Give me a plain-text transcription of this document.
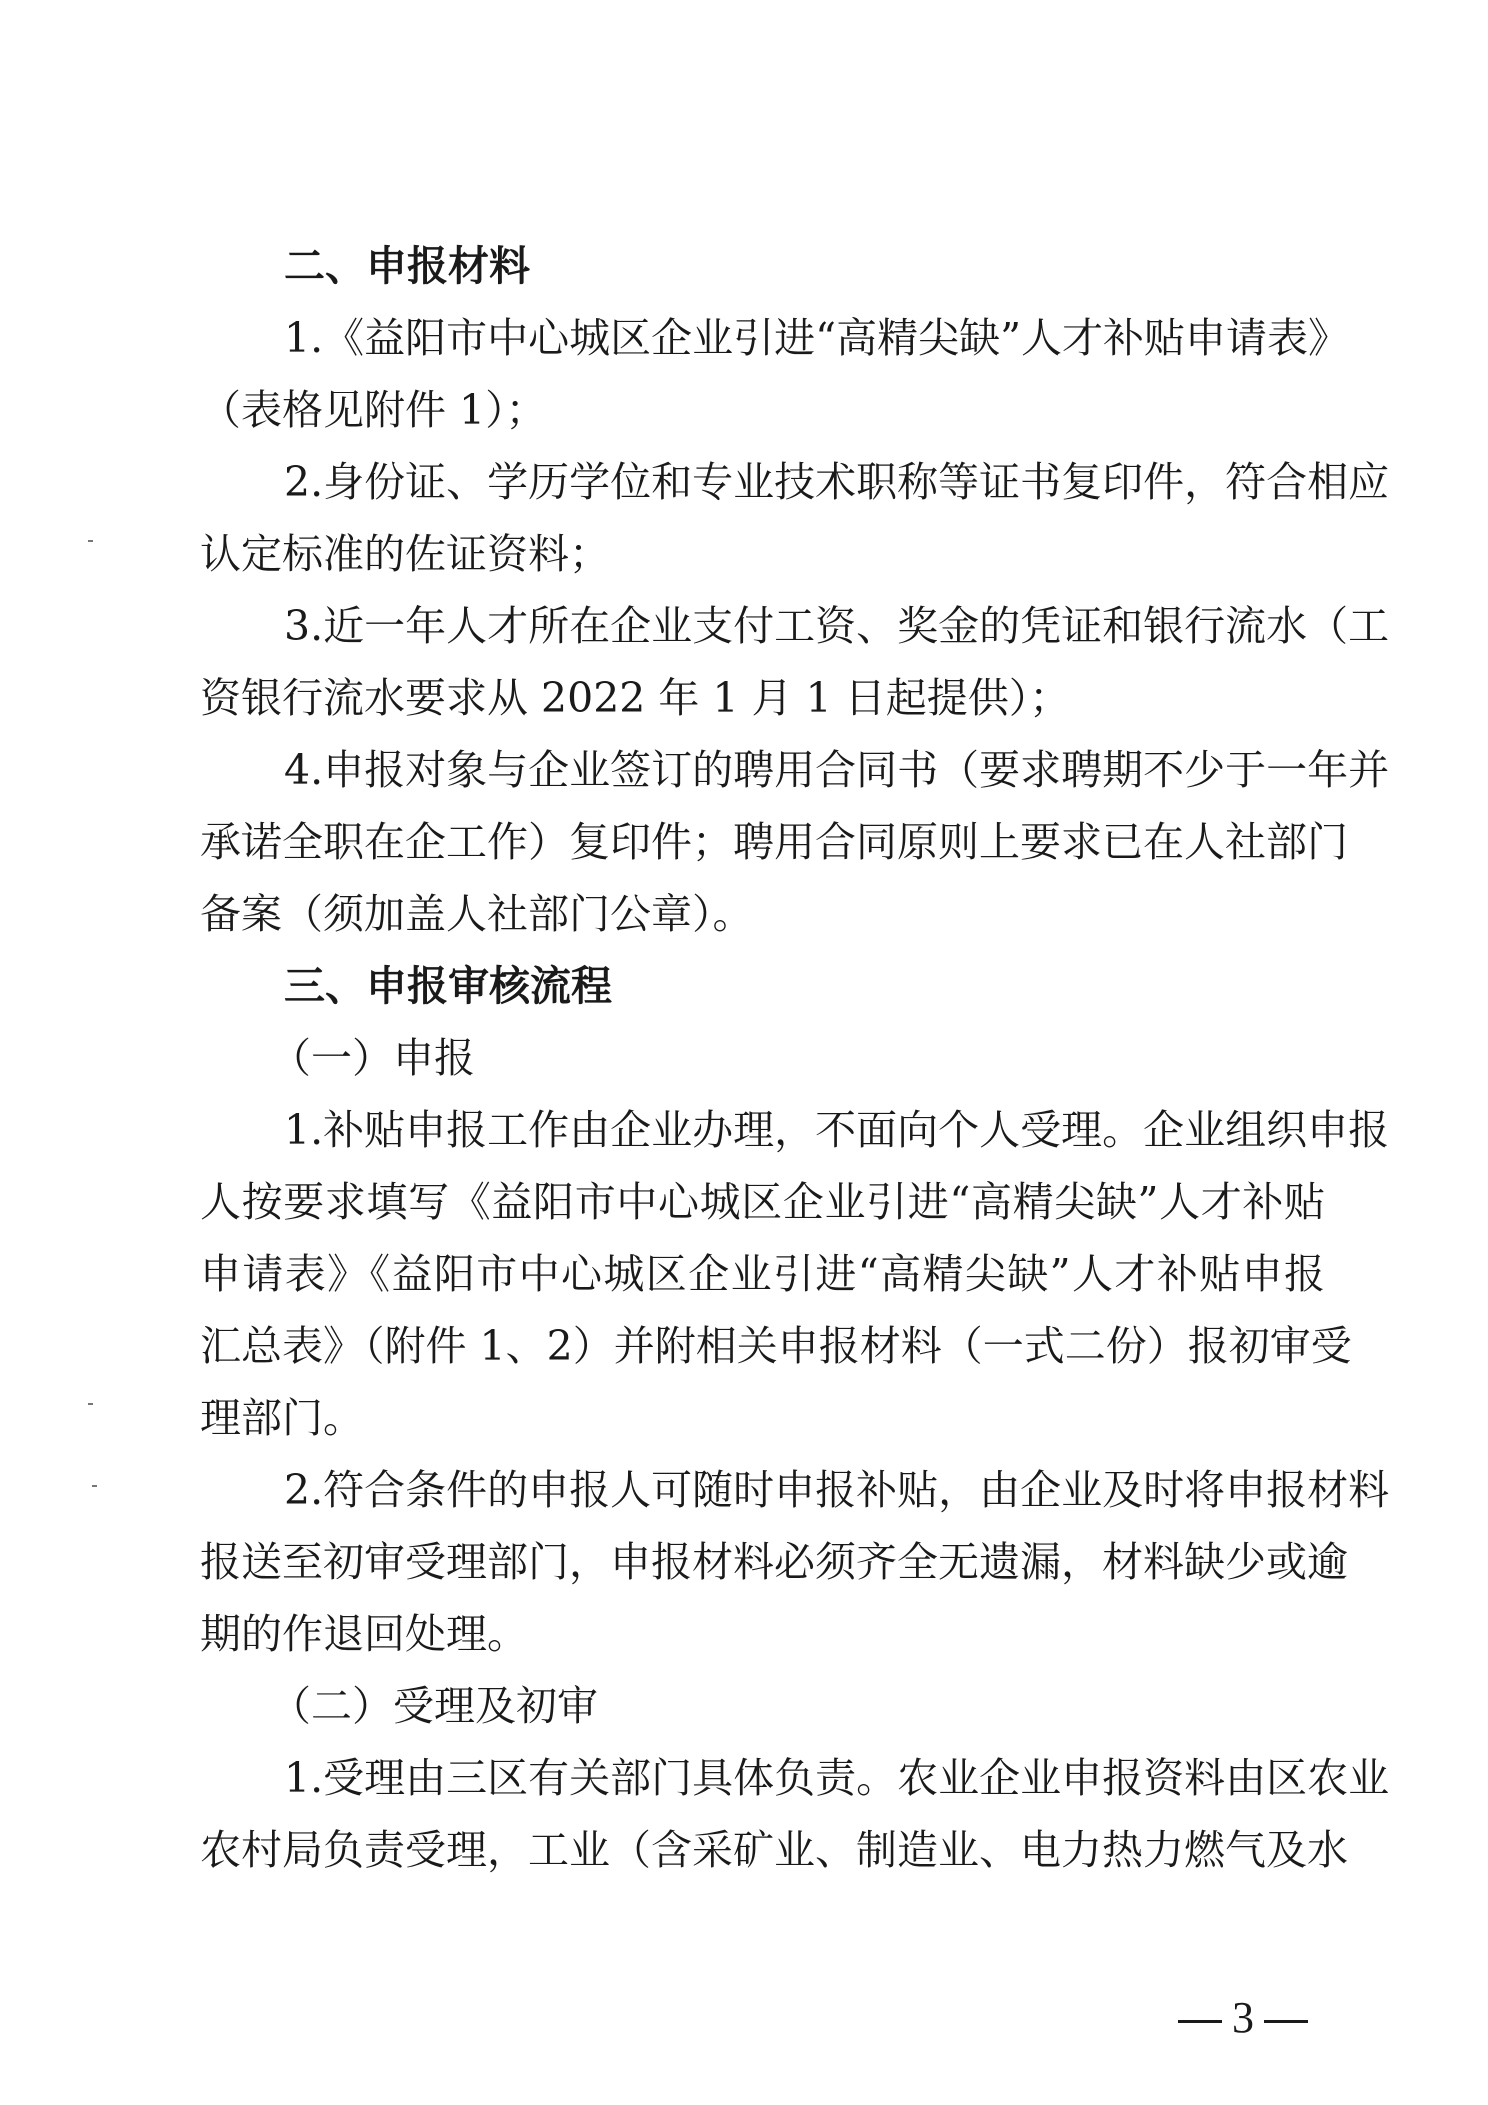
二、申报材料
1.《益阳市中心城区企业引进“高精尖缺”人才补贴申请表》
（表格见附件 1）；
2.身份证、学历学位和专业技术职称等证书复印件，符合相应
认定标准的佐证资料；
3.近一年人才所在企业支付工资、奖金的凭证和银行流水（工
资银行流水要求从 2022 年 1 月 1 日起提供）；
4.申报对象与企业签订的聘用合同书（要求聘期不少于一年并
承诺全职在企工作）复印件；聘用合同原则上要求已在人社部门
备案（须加盖人社部门公章）。
三、申报审核流程
（一）申报
1.补贴申报工作由企业办理，不面向个人受理。企业组织申报
人按要求填写《益阳市中心城区企业引进“高精尖缺”人才补贴
申请表》《益阳市中心城区企业引进“高精尖缺”人才补贴申报
汇总表》（附件 1、2）并附相关申报材料（一式二份）报初审受
理部门。
2.符合条件的申报人可随时申报补贴，由企业及时将申报材料
报送至初审受理部门，申报材料必须齐全无遗漏，材料缺少或逾
期的作退回处理。
（二）受理及初审
1.受理由三区有关部门具体负责。农业企业申报资料由区农业
农村局负责受理，工业（含采矿业、制造业、电力热力燃气及水
3
